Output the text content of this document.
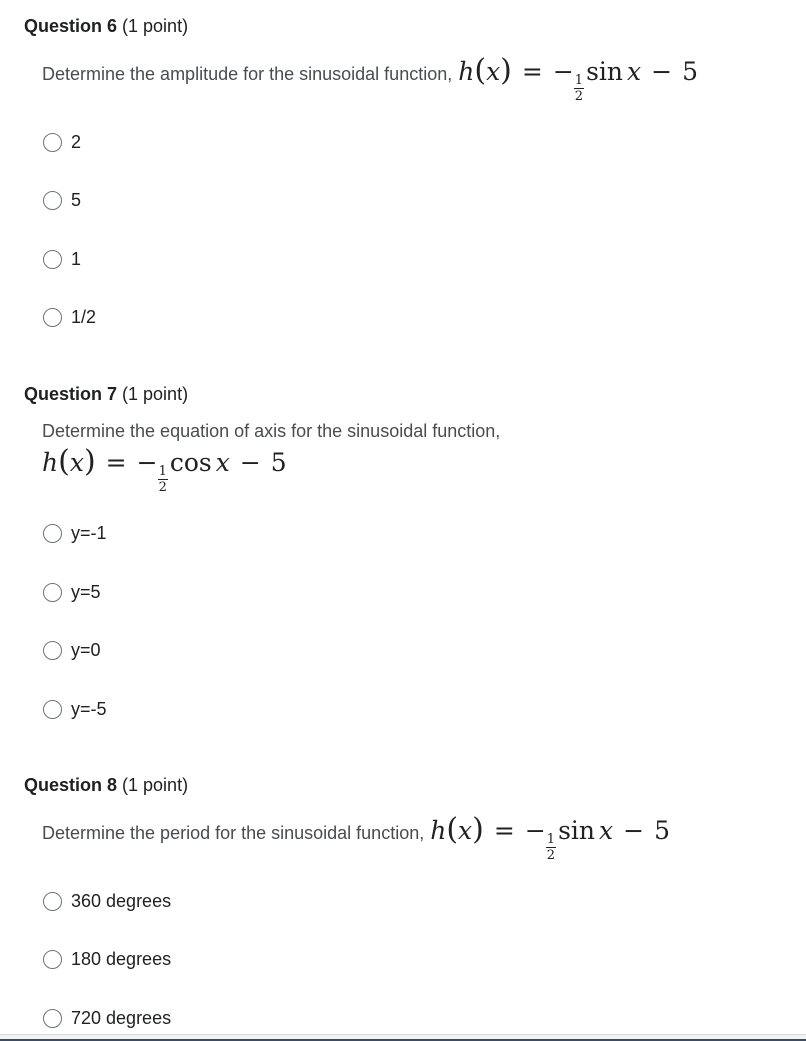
Question 6 (1 point)
Determine the amplitude for the sinusoidal function, h ( x ) = −
$\frac{1}{2}$
sin x − 5
2
5
1
1/2
Question 7 (1 point)
Determine the equation of axis for the sinusoidal function,
h ( x ) = −
$\frac{1}{2}$
cos x − 5
y=-1
y=5
y=0
y=-5
Question 8 (1 point)
Determine the period for the sinusoidal function, h ( x ) = −
$\frac{1}{2}$
sin x − 5
360 degrees
180 degrees
720 degrees
